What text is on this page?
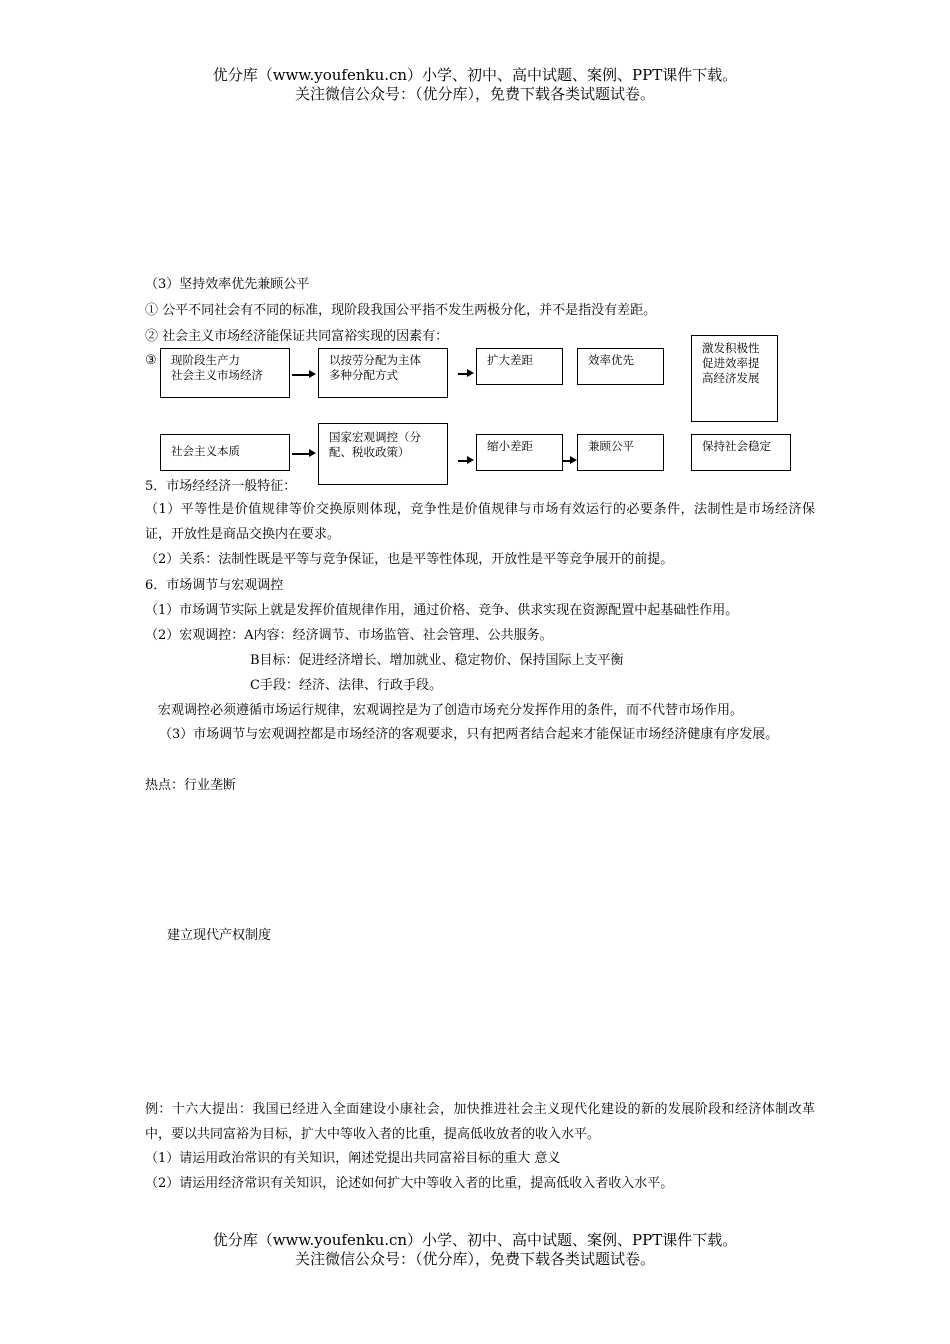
优分库（www.youfenku.cn）小学、初中、高中试题、案例、PPT课件下载。
关注微信公众号：（优分库），免费下载各类试题试卷。
（3）坚持效率优先兼顾公平
① 公平不同社会有不同的标准，现阶段我国公平指不发生两极分化，并不是指没有差距。
② 社会主义市场经济能保证共同富裕实现的因素有：
③	现阶段生产力
社会主义市场经济
以按劳分配为主体
多种分配方式
扩大差距	效率优先
激发积极性
促进效率提
高经济发展
社会主义本质
国家宏观调控（分
配、税收政策）	缩小差距	兼顾公平	保持社会稳定
5．市场经经济一般特征：
（1）平等性是价值规律等价交换原则体现，竞争性是价值规律与市场有效运行的必要条件，法制性是市场经济保证，开放性是商品交换内在要求。
（2）关系：法制性既是平等与竞争保证，也是平等性体现，开放性是平等竞争展开的前提。
6．市场调节与宏观调控
（1）市场调节实际上就是发挥价值规律作用，通过价格、竞争、供求实现在资源配置中起基础性作用。
（2）宏观调控：A内容：经济调节、市场监管、社会管理、公共服务。
B目标：促进经济增长、增加就业、稳定物价、保持国际上支平衡
C手段：经济、法律、行政手段。
宏观调控必须遵循市场运行规律，宏观调控是为了创造市场充分发挥作用的条件，而不代替市场作用。
（3）市场调节与宏观调控都是市场经济的客观要求，只有把两者结合起来才能保证市场经济健康有序发展。
热点：行业垄断
建立现代产权制度
例：十六大提出：我国已经进入全面建设小康社会，加快推进社会主义现代化建设的新的发展阶段和经济体制改革中，要以共同富裕为目标，扩大中等收入者的比重，提高低收放者的收入水平。
（1）请运用政治常识的有关知识，阐述党提出共同富裕目标的重大 意义
（2）请运用经济常识有关知识，论述如何扩大中等收入者的比重，提高低收入者收入水平。
优分库（www.youfenku.cn）小学、初中、高中试题、案例、PPT课件下载。
关注微信公众号：（优分库），免费下载各类试题试卷。
